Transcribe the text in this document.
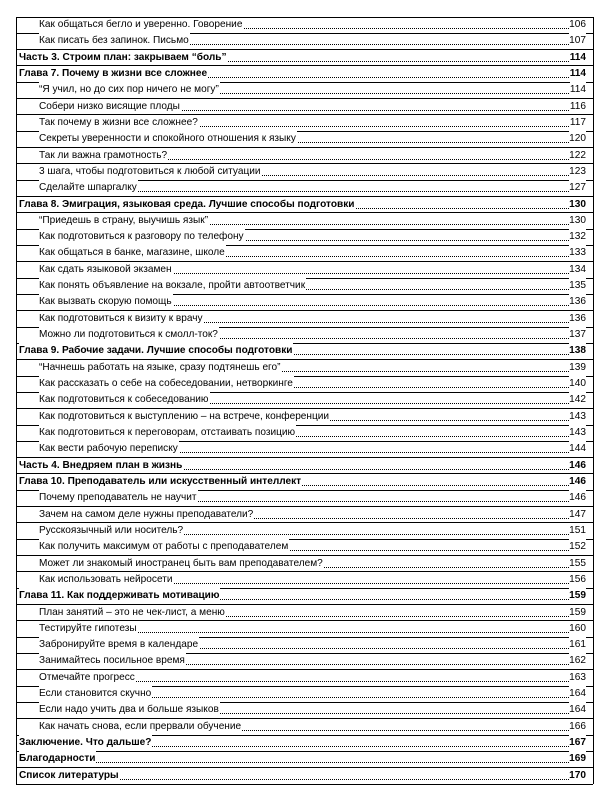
Как общаться бегло и уверенно. Говорение	106
Как писать без запинок. Письмо	107
Часть 3. Строим план: закрываем “боль”	114
Глава 7. Почему в жизни все сложнее	114
“Я учил, но до сих пор ничего не могу”	114
Собери низко висящие плоды	116
Так почему в жизни все сложнее?	117
Секреты уверенности и спокойного отношения к языку	120
Так ли важна грамотность?	122
3 шага, чтобы подготовиться к любой ситуации	123
Сделайте шпаргалку	127
Глава 8. Эмиграция, языковая среда. Лучшие способы подготовки	130
“Приедешь в страну, выучишь язык”	130
Как подготовиться к разговору по телефону	132
Как общаться в банке, магазине, школе	133
Как сдать языковой экзамен	134
Как понять объявление на вокзале, пройти автоответчик	135
Как вызвать скорую помощь	136
Как подготовиться к визиту к врачу	136
Можно ли подготовиться к смолл-ток?	137
Глава 9. Рабочие задачи. Лучшие способы подготовки	138
“Начнешь работать на языке, сразу подтянешь его”	139
Как рассказать о себе на собеседовании, нетворкинге	140
Как подготовиться к собеседованию	142
Как подготовиться к выступлению – на встрече, конференции	143
Как подготовиться к переговорам, отстаивать позицию	143
Как вести рабочую переписку	144
Часть 4. Внедряем план в жизнь	146
Глава 10. Преподаватель или искусственный интеллект	146
Почему преподаватель не научит	146
Зачем на самом деле нужны преподаватели?	147
Русскоязычный или носитель?	151
Как получить максимум от работы с преподавателем	152
Может ли знакомый иностранец быть вам преподавателем?	155
Как использовать нейросети	156
Глава 11. Как поддерживать мотивацию	159
План занятий – это не чек-лист, а меню	159
Тестируйте гипотезы	160
Забронируйте время в календаре	161
Занимайтесь посильное время	162
Отмечайте прогресс	163
Если становится скучно	164
Если надо учить два и больше языков	164
Как начать снова, если прервали обучение	166
Заключение. Что дальше?	167
Благодарности	169
Список литературы	170
